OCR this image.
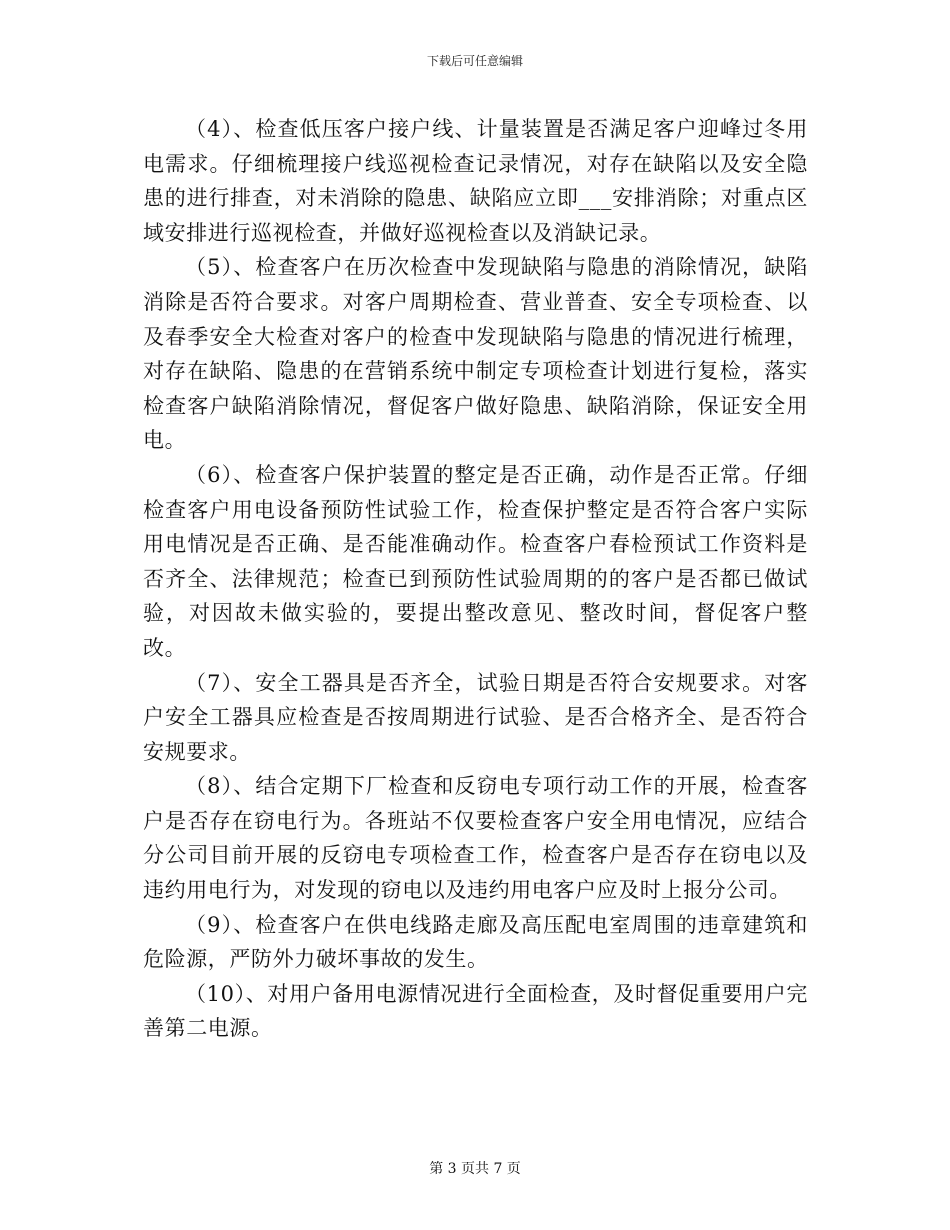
下载后可任意编辑

（4）、检查低压客户接户线、计量装置是否满足客户迎峰过冬用电需求。仔细梳理接户线巡视检查记录情况，对存在缺陷以及安全隐患的进行排查，对未消除的隐患、缺陷应立即___安排消除；对重点区域安排进行巡视检查，并做好巡视检查以及消缺记录。

（5）、检查客户在历次检查中发现缺陷与隐患的消除情况，缺陷消除是否符合要求。对客户周期检查、营业普查、安全专项检查、以及春季安全大检查对客户的检查中发现缺陷与隐患的情况进行梳理，对存在缺陷、隐患的在营销系统中制定专项检查计划进行复检，落实检查客户缺陷消除情况，督促客户做好隐患、缺陷消除，保证安全用电。

（6）、检查客户保护装置的整定是否正确，动作是否正常。仔细检查客户用电设备预防性试验工作，检查保护整定是否符合客户实际用电情况是否正确、是否能准确动作。检查客户春检预试工作资料是否齐全、法律规范；检查已到预防性试验周期的的客户是否都已做试验，对因故未做实验的，要提出整改意见、整改时间，督促客户整改。

（7）、安全工器具是否齐全，试验日期是否符合安规要求。对客户安全工器具应检查是否按周期进行试验、是否合格齐全、是否符合安规要求。

（8）、结合定期下厂检查和反窃电专项行动工作的开展，检查客户是否存在窃电行为。各班站不仅要检查客户安全用电情况，应结合分公司目前开展的反窃电专项检查工作，检查客户是否存在窃电以及违约用电行为，对发现的窃电以及违约用电客户应及时上报分公司。

（9）、检查客户在供电线路走廊及高压配电室周围的违章建筑和危险源，严防外力破坏事故的发生。

（10）、对用户备用电源情况进行全面检查，及时督促重要用户完善第二电源。

第 3 页共 7 页
